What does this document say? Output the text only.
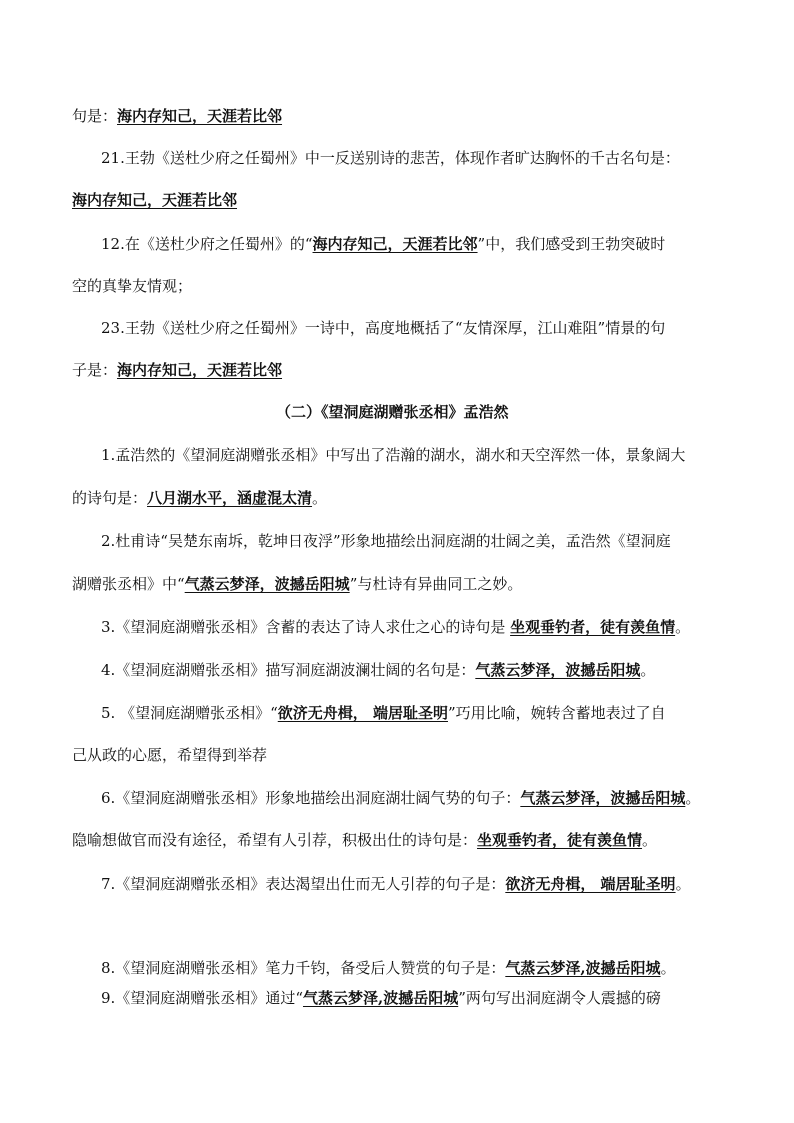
句是：海内存知己，天涯若比邻
21.王勃《送杜少府之任蜀州》中一反送别诗的悲苦，体现作者旷达胸怀的千古名句是：
海内存知己，天涯若比邻
12.在《送杜少府之任蜀州》的“海内存知己，天涯若比邻”中，我们感受到王勃突破时
空的真挚友情观；
23.王勃《送杜少府之任蜀州》一诗中，高度地概括了“友情深厚，江山难阻”情景的句
子是：海内存知己，天涯若比邻
（二）《望洞庭湖赠张丞相》孟浩然
1.孟浩然的《望洞庭湖赠张丞相》中写出了浩瀚的湖水，湖水和天空浑然一体，景象阔大
的诗句是：八月湖水平，涵虚混太清。
2.杜甫诗“吴楚东南坼，乾坤日夜浮”形象地描绘出洞庭湖的壮阔之美，孟浩然《望洞庭
湖赠张丞相》中“气蒸云梦泽，波撼岳阳城”与杜诗有异曲同工之妙。
3.《望洞庭湖赠张丞相》含蓄的表达了诗人求仕之心的诗句是 坐观垂钓者，徒有羡鱼情。
4.《望洞庭湖赠张丞相》描写洞庭湖波澜壮阔的名句是：气蒸云梦泽，波撼岳阳城。
5. 《望洞庭湖赠张丞相》“欲济无舟楫， 端居耻圣明”巧用比喻，婉转含蓄地表过了自
己从政的心愿，希望得到举荐
6.《望洞庭湖赠张丞相》形象地描绘出洞庭湖壮阔气势的句子：气蒸云梦泽，波撼岳阳城。
隐喻想做官而没有途径，希望有人引荐，积极出仕的诗句是：坐观垂钓者，徒有羡鱼情。
7.《望洞庭湖赠张丞相》表达渴望出仕而无人引荐的句子是：欲济无舟楫， 端居耻圣明。
8.《望洞庭湖赠张丞相》笔力千钧，备受后人赞赏的句子是：气蒸云梦泽,波撼岳阳城。
9.《望洞庭湖赠张丞相》通过“气蒸云梦泽,波撼岳阳城”两句写出洞庭湖令人震撼的磅
